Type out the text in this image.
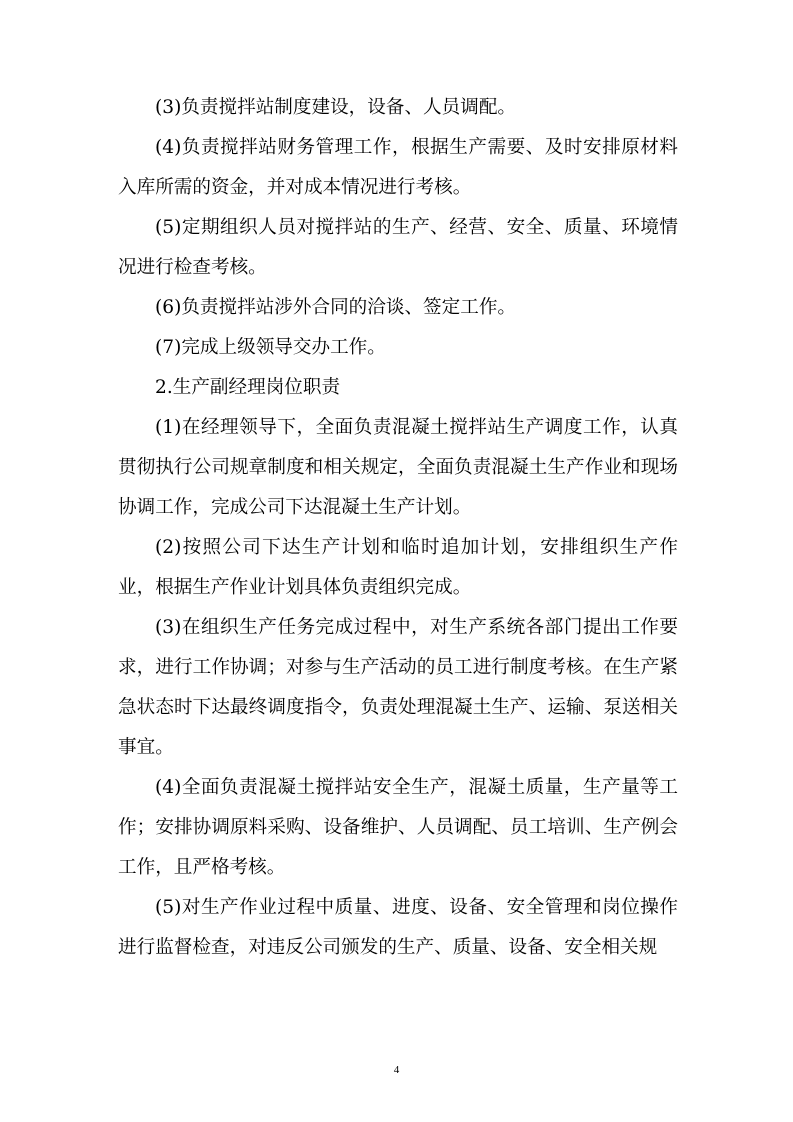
(3)负责搅拌站制度建设，设备、人员调配。

(4)负责搅拌站财务管理工作，根据生产需要、及时安排原材料入库所需的资金，并对成本情况进行考核。

(5)定期组织人员对搅拌站的生产、经营、安全、质量、环境情况进行检查考核。

(6)负责搅拌站涉外合同的洽谈、签定工作。

(7)完成上级领导交办工作。

2.生产副经理岗位职责

(1)在经理领导下，全面负责混凝土搅拌站生产调度工作，认真贯彻执行公司规章制度和相关规定，全面负责混凝土生产作业和现场协调工作，完成公司下达混凝土生产计划。

(2)按照公司下达生产计划和临时追加计划，安排组织生产作业，根据生产作业计划具体负责组织完成。

(3)在组织生产任务完成过程中，对生产系统各部门提出工作要求，进行工作协调；对参与生产活动的员工进行制度考核。在生产紧急状态时下达最终调度指令，负责处理混凝土生产、运输、泵送相关事宜。

(4)全面负责混凝土搅拌站安全生产，混凝土质量，生产量等工作；安排协调原料采购、设备维护、人员调配、员工培训、生产例会工作，且严格考核。

(5)对生产作业过程中质量、进度、设备、安全管理和岗位操作进行监督检查，对违反公司颁发的生产、质量、设备、安全相关规

4
